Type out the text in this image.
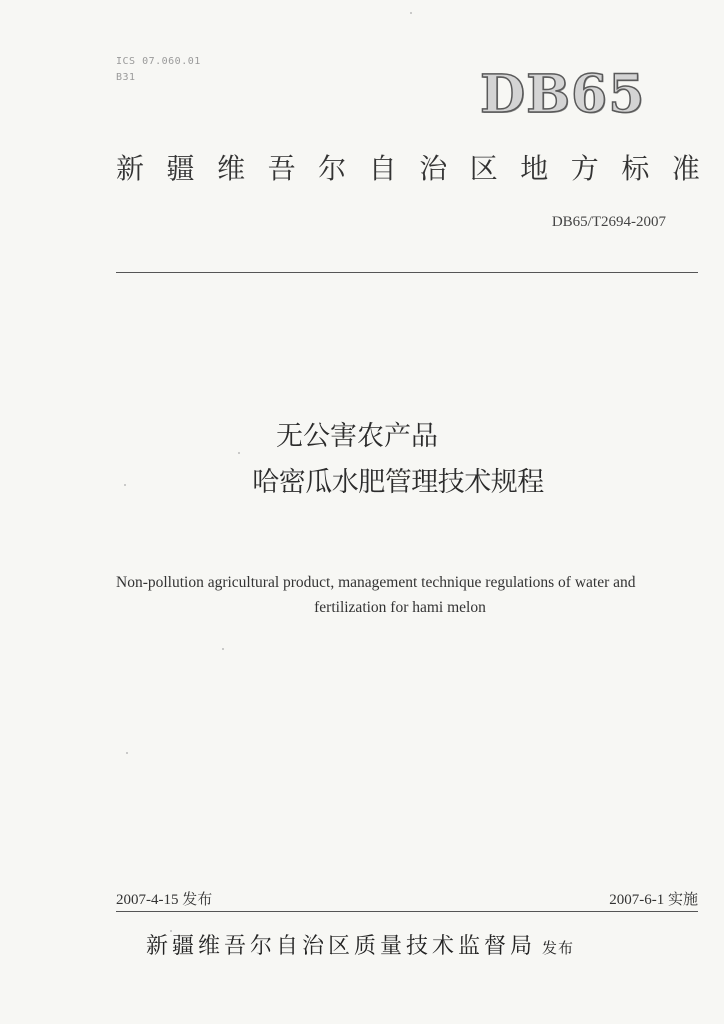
ICS 07.060.01
B31	DB65
新 疆 维 吾 尔 自 治 区 地 方 标 准
DB65/T2694-2007
无公害农产品
哈密瓜水肥管理技术规程
Non-pollution agricultural product, management technique regulations of water and
fertilization for hami melon
2007-4-15 发布	2007-6-1 实施
新疆维吾尔自治区质量技术监督局 发布
